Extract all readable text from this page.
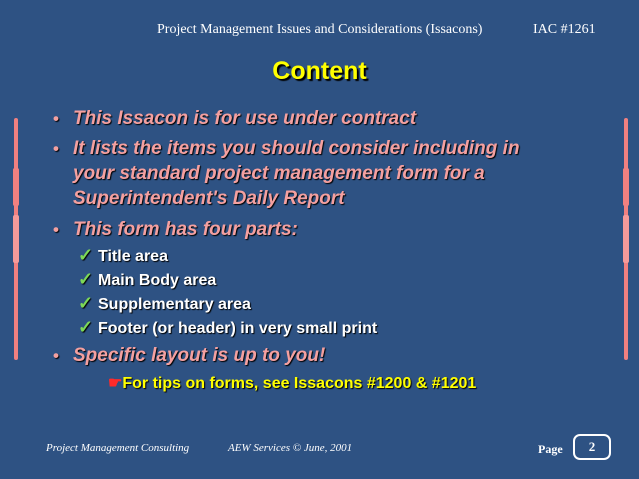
Project Management Issues and Considerations (Issacons)	IAC #1261
Content
• This Issacon is for use under contract
• It lists the items you should consider including in
your standard project management form for a
Superintendent's Daily Report
• This form has four parts:
✓ Title area
✓ Main Body area
✓ Supplementary area
✓ Footer (or header) in very small print
• Specific layout is up to you!
☛For tips on forms, see Issacons #1200 & #1201
Project Management Consulting	AEW Services © June, 2001	Page	2
